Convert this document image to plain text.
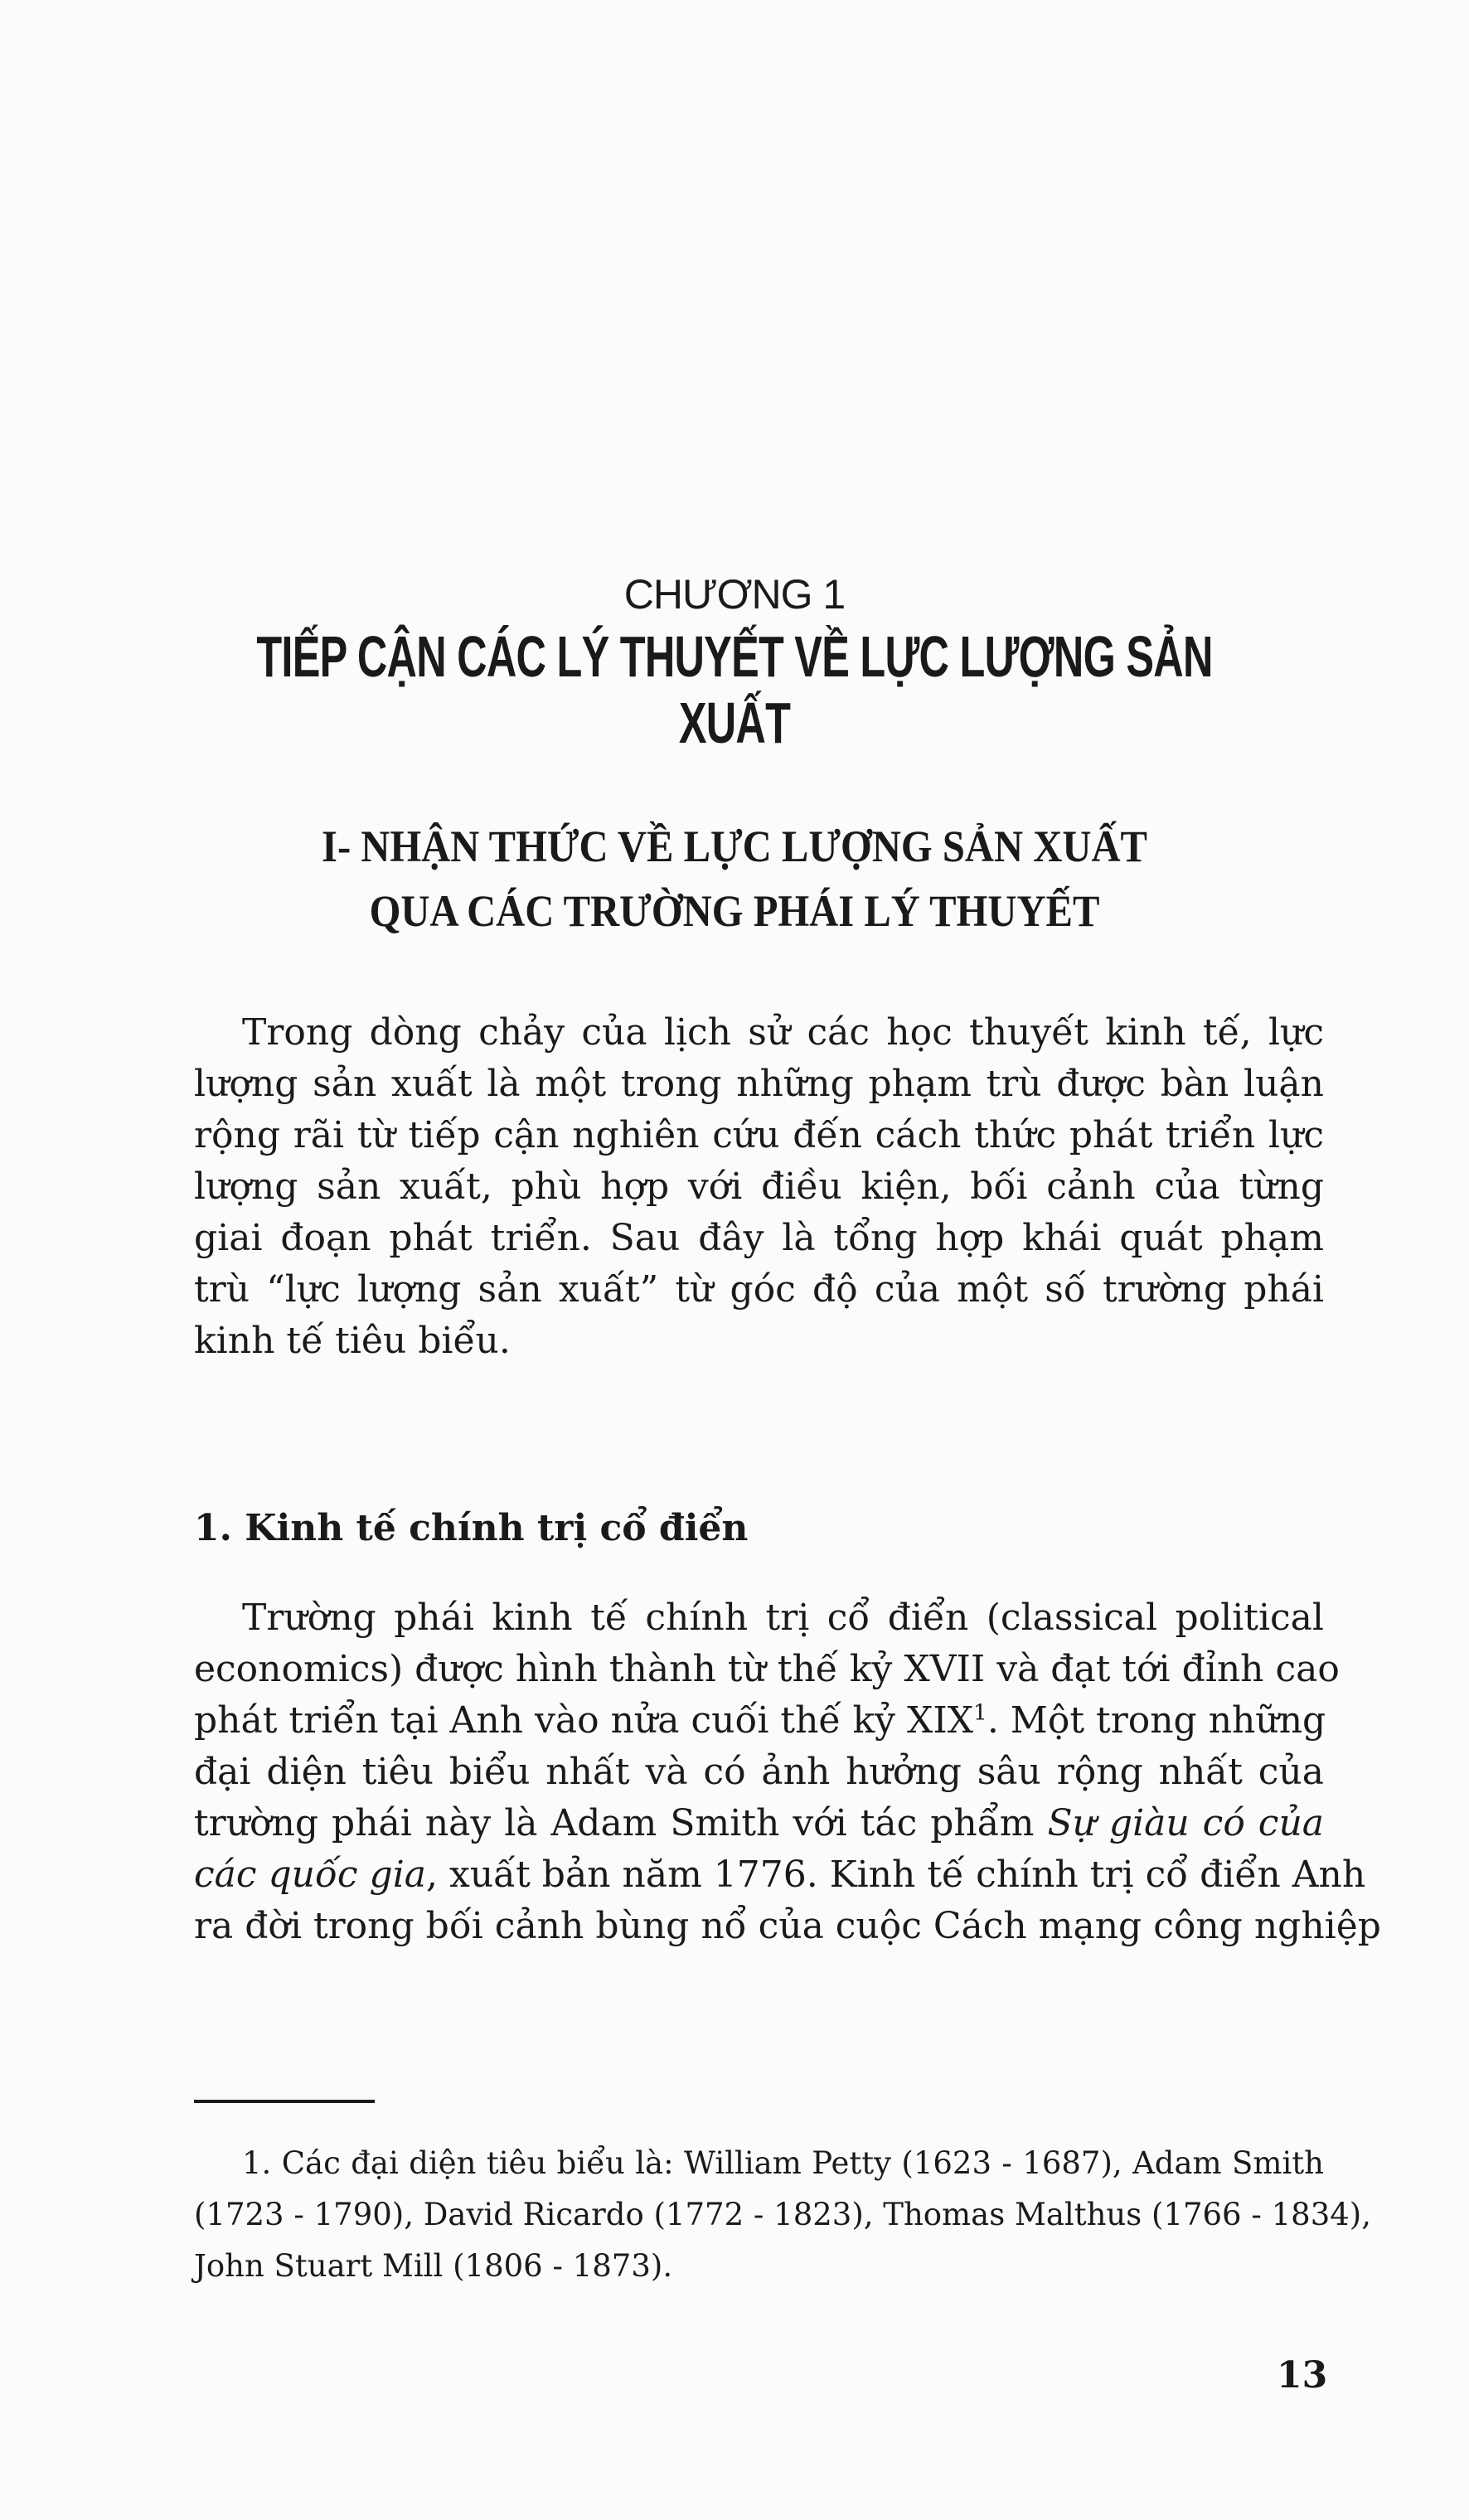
CHƯƠNG 1
TIẾP CẬN CÁC LÝ THUYẾT VỀ LỰC LƯỢNG SẢN XUẤT
I- NHẬN THỨC VỀ LỰC LƯỢNG SẢN XUẤT
QUA CÁC TRƯỜNG PHÁI LÝ THUYẾT
Trong dòng chảy của lịch sử các học thuyết kinh tế, lực
lượng sản xuất là một trong những phạm trù được bàn luận
rộng rãi từ tiếp cận nghiên cứu đến cách thức phát triển lực
lượng sản xuất, phù hợp với điều kiện, bối cảnh của từng
giai đoạn phát triển. Sau đây là tổng hợp khái quát phạm
trù “lực lượng sản xuất” từ góc độ của một số trường phái
kinh tế tiêu biểu.
1. Kinh tế chính trị cổ điển
Trường phái kinh tế chính trị cổ điển (classical political
economics) được hình thành từ thế kỷ XVII và đạt tới đỉnh cao
phát triển tại Anh vào nửa cuối thế kỷ XIX$^1$. Một trong những
đại diện tiêu biểu nhất và có ảnh hưởng sâu rộng nhất của
trường phái này là Adam Smith với tác phẩm Sự giàu có của
các quốc gia, xuất bản năm 1776. Kinh tế chính trị cổ điển Anh
ra đời trong bối cảnh bùng nổ của cuộc Cách mạng công nghiệp
1. Các đại diện tiêu biểu là: William Petty (1623 - 1687), Adam Smith
(1723 - 1790), David Ricardo (1772 - 1823), Thomas Malthus (1766 - 1834),
John Stuart Mill (1806 - 1873).
13
